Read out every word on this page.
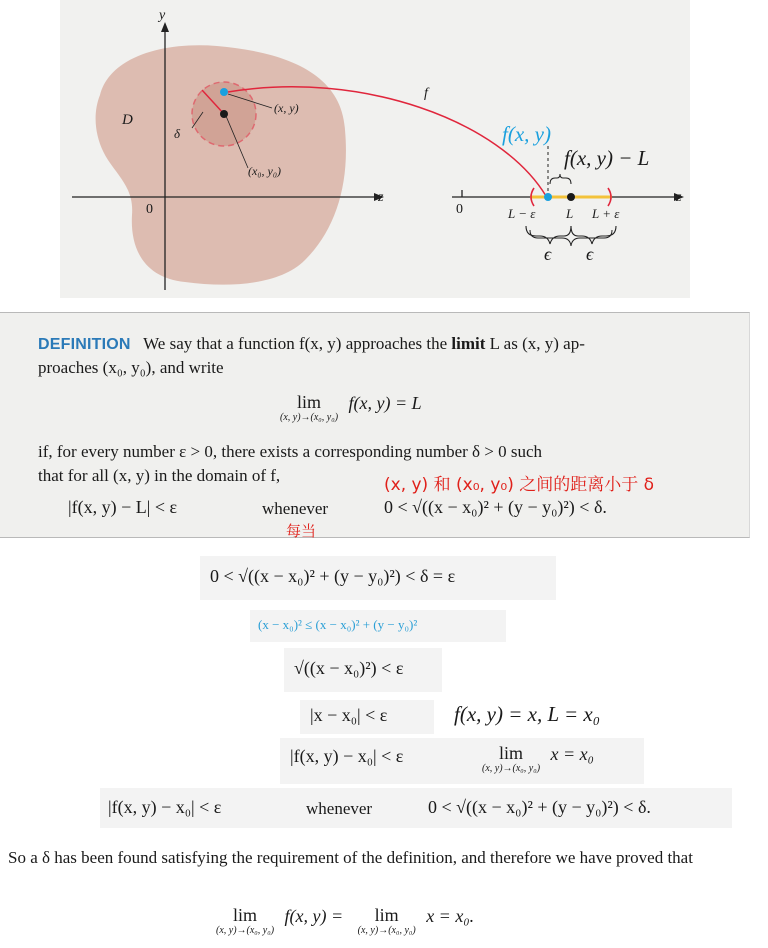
y
z	z
D
0	0
(x, y)
(x₀, y₀)
δ
f
f(x, y)
f(x, y) − L
L − ε L L + ε
ϵ ϵ
DEFINITION We say that a function f(x, y) approaches the limit L as (x, y) ap-
proaches (x₀, y₀), and write
lim
(x, y)→(x₀, y₀)
f(x, y) = L
if, for every number ε > 0, there exists a corresponding number δ > 0 such
that for all (x, y) in the domain of f,	(x, y) 和 (x₀, y₀) 之间的距离小于 δ
|f(x, y) − L| < ε	whenever	0 < √((x − x₀)² + (y − y₀)²) < δ.
每当
0 < √((x − x₀)² + (y − y₀)²) < δ = ε
(x − x₀)² ≤ (x − x₀)² + (y − y₀)²
√((x − x₀)²) < ε
|x − x₀| < ε	f(x, y) = x, L = x₀
|f(x, y) − x₀| < ε	lim
(x, y)→(x₀, y₀)
x = x₀
|f(x, y) − x₀| < ε	whenever	0 < √((x − x₀)² + (y − y₀)²) < δ.
So a δ has been found satisfying the requirement of the definition, and therefore we have proved that
lim
(x, y)→(x₀, y₀)
f(x, y) = lim
(x, y)→(x₀, y₀)
x = x₀.
